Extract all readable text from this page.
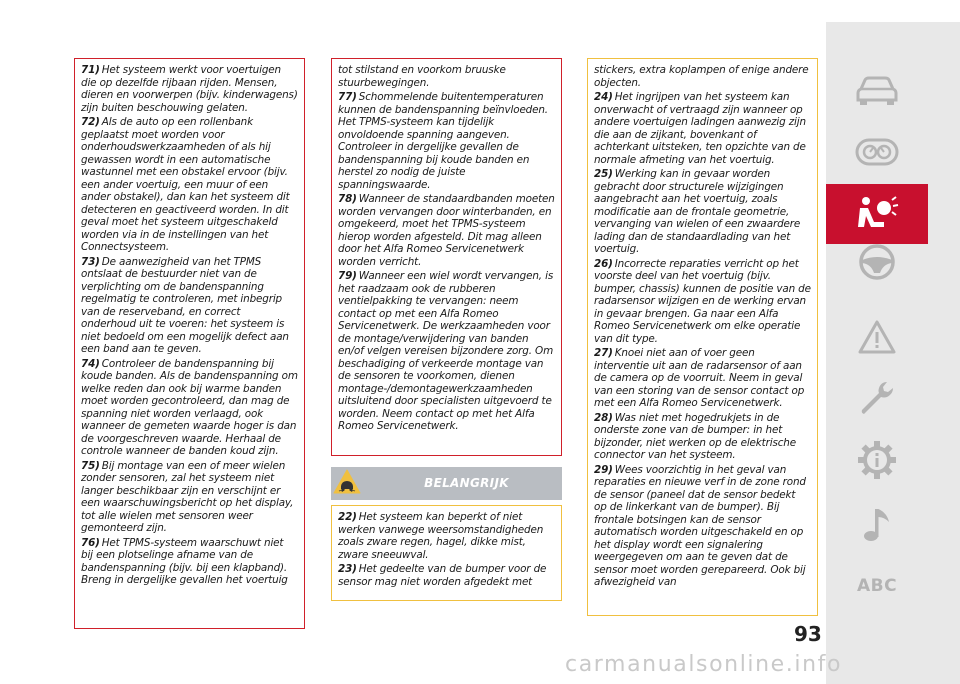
71) Het systeem werkt voor voertuigen die op dezelfde rijbaan rijden. Mensen, dieren en voorwerpen (bijv. kinderwagens) zijn buiten beschouwing gelaten.

72) Als de auto op een rollenbank geplaatst moet worden voor onderhoudswerkzaamheden of als hij gewassen wordt in een automatische wastunnel met een obstakel ervoor (bijv. een ander voertuig, een muur of een ander obstakel), dan kan het systeem dit detecteren en geactiveerd worden. In dit geval moet het systeem uitgeschakeld worden via in de instellingen van het Connectsysteem.

73) De aanwezigheid van het TPMS ontslaat de bestuurder niet van de verplichting om de bandenspanning regelmatig te controleren, met inbegrip van de reserveband, en correct onderhoud uit te voeren: het systeem is niet bedoeld om een mogelijk defect aan een band aan te geven.

74) Controleer de bandenspanning bij koude banden. Als de bandenspanning om welke reden dan ook bij warme banden moet worden gecontroleerd, dan mag de spanning niet worden verlaagd, ook wanneer de gemeten waarde hoger is dan de voorgeschreven waarde. Herhaal de controle wanneer de banden koud zijn.

75) Bij montage van een of meer wielen zonder sensoren, zal het systeem niet langer beschikbaar zijn en verschijnt er een waarschuwingsbericht op het display, tot alle wielen met sensoren weer gemonteerd zijn.

76) Het TPMS-systeem waarschuwt niet bij een plotselinge afname van de bandenspanning (bijv. bij een klapband). Breng in dergelijke gevallen het voertuig

tot stilstand en voorkom bruuske stuurbewegingen.

77) Schommelende buitentemperaturen kunnen de bandenspanning beïnvloeden. Het TPMS-systeem kan tijdelijk onvoldoende spanning aangeven. Controleer in dergelijke gevallen de bandenspanning bij koude banden en herstel zo nodig de juiste spanningswaarde.

78) Wanneer de standaardbanden moeten worden vervangen door winterbanden, en omgekeerd, moet het TPMS-systeem hierop worden afgesteld. Dit mag alleen door het Alfa Romeo Servicenetwerk worden verricht.

79) Wanneer een wiel wordt vervangen, is het raadzaam ook de rubberen ventielpakking te vervangen: neem contact op met een Alfa Romeo Servicenetwerk. De werkzaamheden voor de montage/verwijdering van banden en/of velgen vereisen bijzondere zorg. Om beschadiging of verkeerde montage van de sensoren te voorkomen, dienen montage-/demontagewerkzaamheden uitsluitend door specialisten uitgevoerd te worden. Neem contact op met het Alfa Romeo Servicenetwerk.

BELANGRIJK

22) Het systeem kan beperkt of niet werken vanwege weersomstandigheden zoals zware regen, hagel, dikke mist, zware sneeuwval.

23) Het gedeelte van de bumper voor de sensor mag niet worden afgedekt met

stickers, extra koplampen of enige andere objecten.

24) Het ingrijpen van het systeem kan onverwacht of vertraagd zijn wanneer op andere voertuigen ladingen aanwezig zijn die aan de zijkant, bovenkant of achterkant uitsteken, ten opzichte van de normale afmeting van het voertuig.

25) Werking kan in gevaar worden gebracht door structurele wijzigingen aangebracht aan het voertuig, zoals modificatie aan de frontale geometrie, vervanging van wielen of een zwaardere lading dan de standaardlading van het voertuig.

26) Incorrecte reparaties verricht op het voorste deel van het voertuig (bijv. bumper, chassis) kunnen de positie van de radarsensor wijzigen en de werking ervan in gevaar brengen. Ga naar een Alfa Romeo Servicenetwerk om elke operatie van dit type.

27) Knoei niet aan of voer geen interventie uit aan de radarsensor of aan de camera op de voorruit. Neem in geval van een storing van de sensor contact op met een Alfa Romeo Servicenetwerk.

28) Was niet met hogedrukjets in de onderste zone van de bumper: in het bijzonder, niet werken op de elektrische connector van het systeem.

29) Wees voorzichtig in het geval van reparaties en nieuwe verf in de zone rond de sensor (paneel dat de sensor bedekt op de linkerkant van de bumper). Bij frontale botsingen kan de sensor automatisch worden uitgeschakeld en op het display wordt een signalering weergegeven om aan te geven dat de sensor moet worden gerepareerd. Ook bij afwezigheid van	ABC
93
carmanualsonline.info
